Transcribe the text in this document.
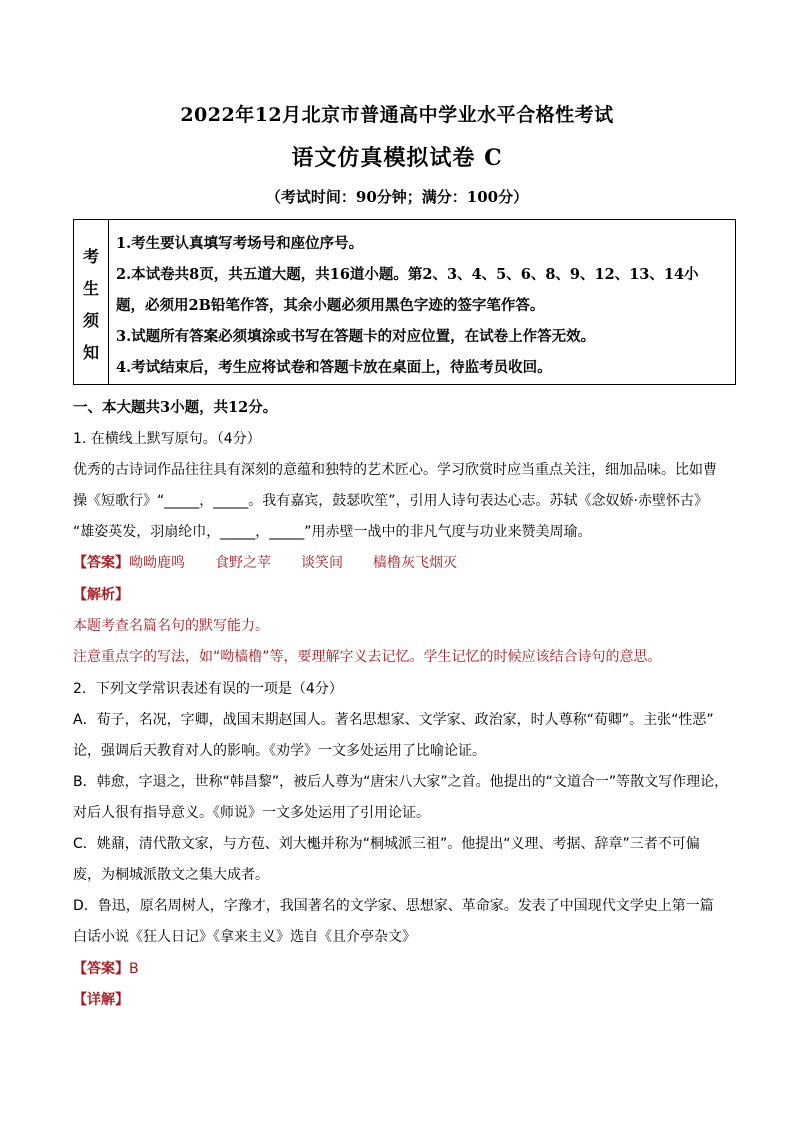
2022年12月北京市普通高中学业水平合格性考试
语文仿真模拟试卷 C
（考试时间：90分钟；满分：100分）
考
生
须
知
1.考生要认真填写考场号和座位序号。
2.本试卷共8页，共五道大题，共16道小题。第2、3、4、5、6、8、9、12、13、14小
题，必须用2B铅笔作答，其余小题必须用黑色字迹的签字笔作答。
3.试题所有答案必须填涂或书写在答题卡的对应位置，在试卷上作答无效。
4.考试结束后，考生应将试卷和答题卡放在桌面上，待监考员收回。
一、本大题共3小题，共12分。
1. 在横线上默写原句。（4分）
优秀的古诗词作品往往具有深刻的意蕴和独特的艺术匠心。学习欣赏时应当重点关注，细加品味。比如曹
操《短歌行》“_____，_____。我有嘉宾，鼓瑟吹笙”，引用人诗句表达心志。苏轼《念奴娇·赤壁怀古》
“雄姿英发，羽扇纶巾，_____，_____”用赤壁一战中的非凡气度与功业来赞美周瑜。
【答案】呦呦鹿鸣 食野之苹 谈笑间 樯橹灰飞烟灭
【解析】
本题考查名篇名句的默写能力。
注意重点字的写法，如“呦樯橹”等，要理解字义去记忆。学生记忆的时候应该结合诗句的意思。
2．下列文学常识表述有误的一项是（4分）
A．荀子，名况，字卿，战国末期赵国人。著名思想家、文学家、政治家，时人尊称“荀卿”。主张“性恶”
论，强调后天教育对人的影响。《劝学》一文多处运用了比喻论证。
B．韩愈，字退之，世称“韩昌黎”，被后人尊为“唐宋八大家”之首。他提出的“文道合一”等散文写作理论，
对后人很有指导意义。《师说》一文多处运用了引用论证。
C．姚鼐，清代散文家，与方苞、刘大櫆并称为“桐城派三祖”。他提出“义理、考据、辞章”三者不可偏
废，为桐城派散文之集大成者。
D．鲁迅，原名周树人，字豫才，我国著名的文学家、思想家、革命家。发表了中国现代文学史上第一篇
白话小说《狂人日记》《拿来主义》选自《且介亭杂文》
【答案】B
【详解】
